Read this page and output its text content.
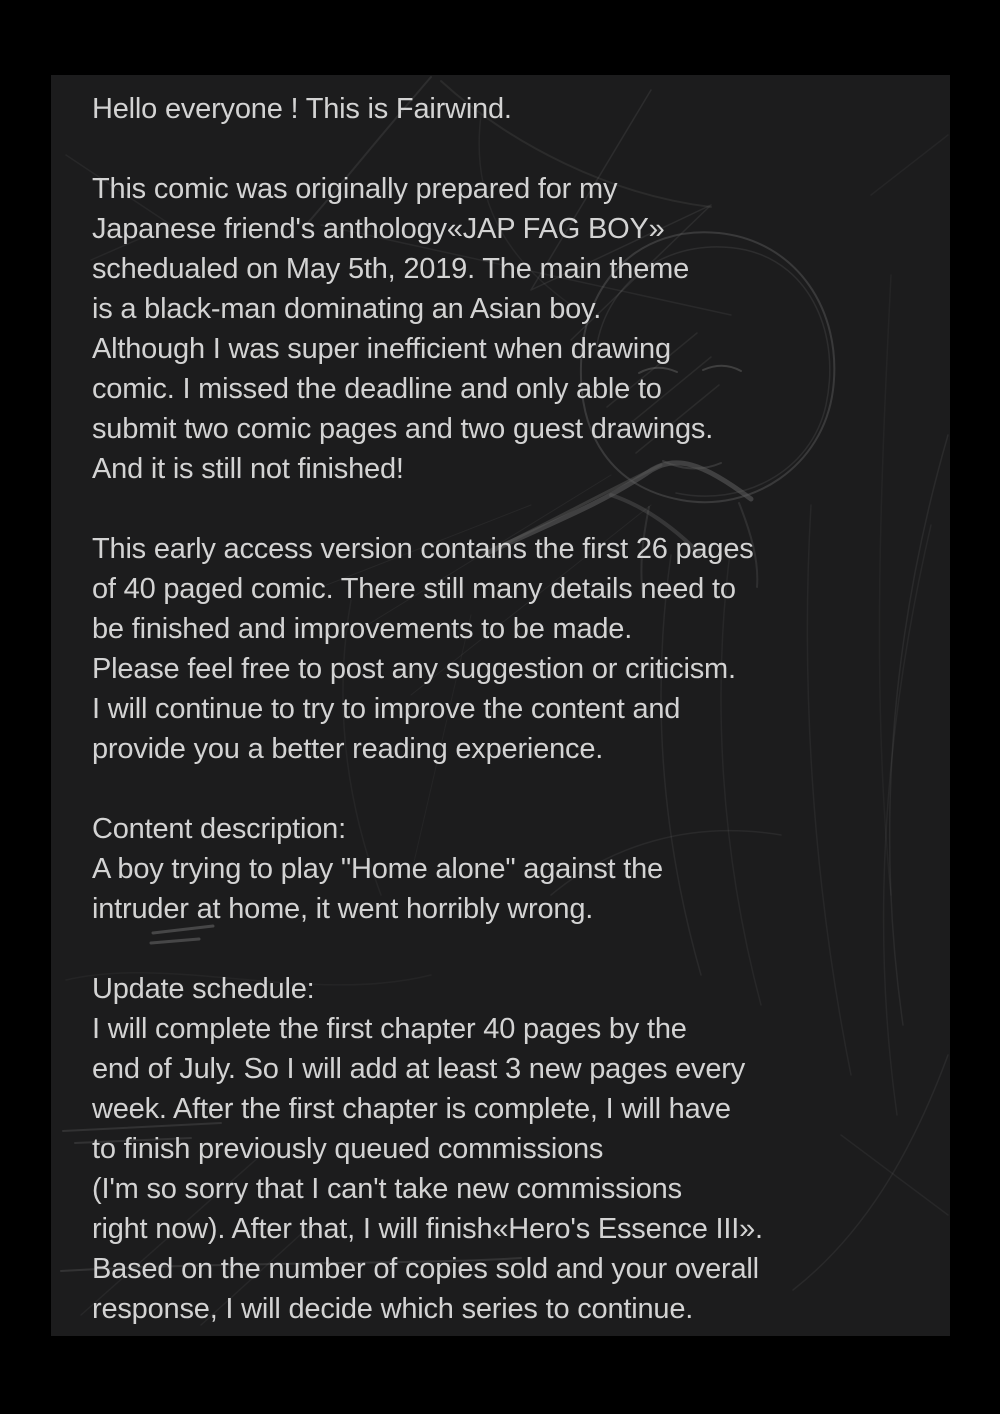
Hello everyone ! This is Fairwind.
This comic was originally prepared for my
Japanese friend's anthology«JAP FAG BOY»
schedualed on May 5th, 2019. The main theme
is a black-man dominating an Asian boy.
Although I was super inefficient when drawing
comic. I missed the deadline and only able to
submit two comic pages and two guest drawings.
And it is still not finished!
This early access version contains the first 26 pages
of 40 paged comic. There still many details need to
be finished and improvements to be made.
Please feel free to post any suggestion or criticism.
I will continue to try to improve the content and
provide you a better reading experience.
Content description:
A boy trying to play "Home alone" against the
intruder at home, it went horribly wrong.
Update schedule:
I will complete the first chapter 40 pages by the
end of July. So I will add at least 3 new pages every
week. After the first chapter is complete, I will have
to finish previously queued commissions
(I'm so sorry that I can't take new commissions
right now). After that, I will finish«Hero's Essence III».
Based on the number of copies sold and your overall
response, I will decide which series to continue.
